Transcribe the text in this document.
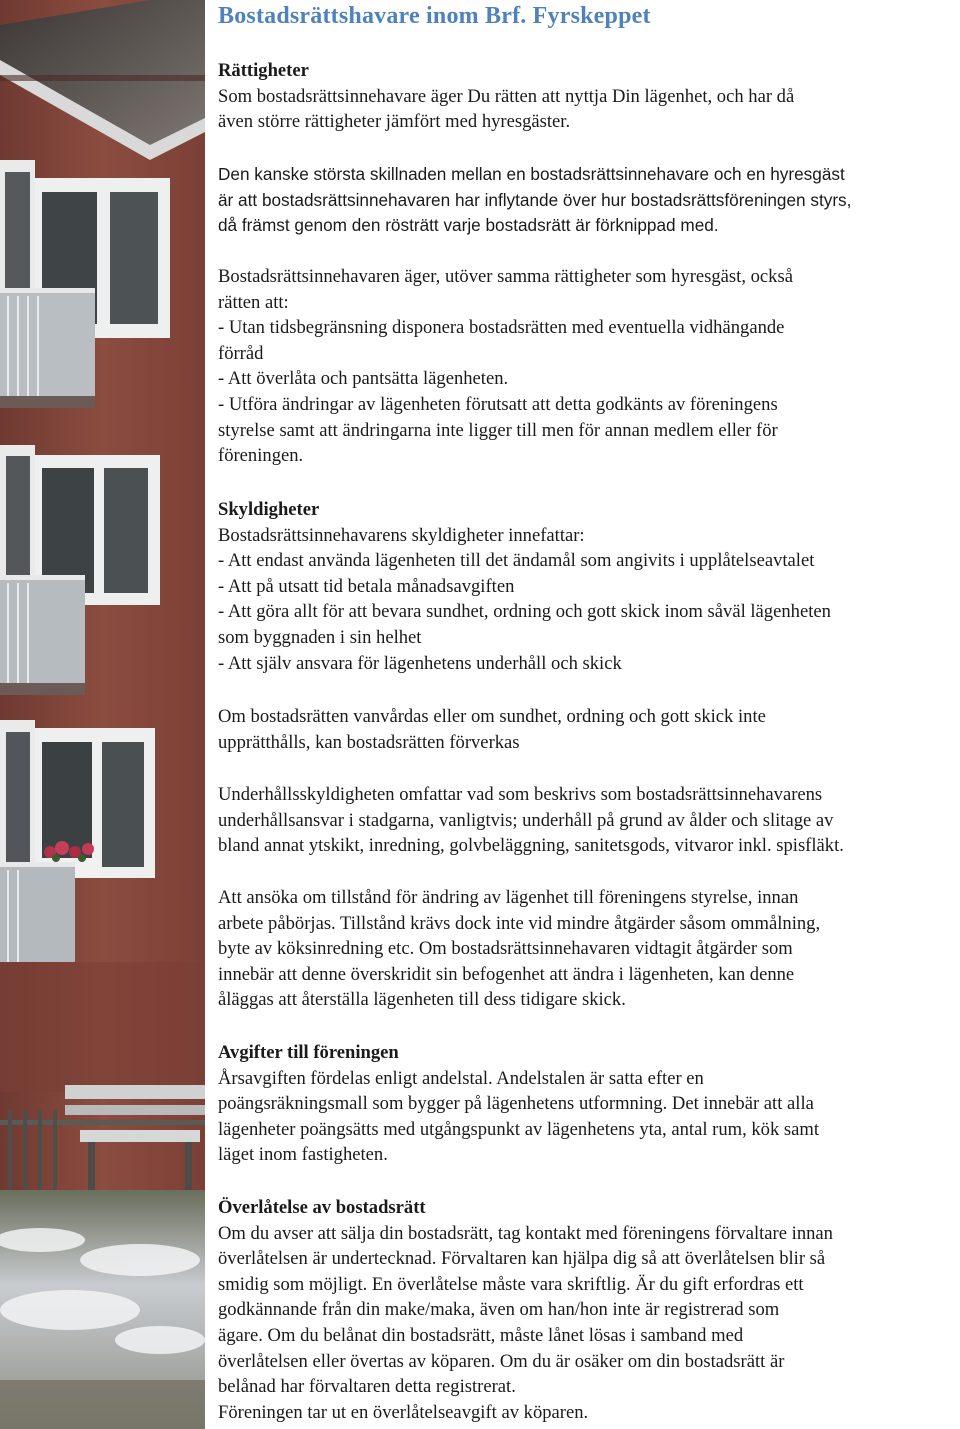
Bostadsrättshavare inom Brf. Fyrskeppet
Rättigheter
Som bostadsrättsinnehavare äger Du rätten att nyttja Din lägenhet, och har då
även större rättigheter jämfört med hyresgäster.
Den kanske största skillnaden mellan en bostadsrättsinnehavare och en hyresgäst
är att bostadsrättsinnehavaren har inflytande över hur bostadsrättsföreningen styrs,
då främst genom den rösträtt varje bostadsrätt är förknippad med.
Bostadsrättsinnehavaren äger, utöver samma rättigheter som hyresgäst, också
rätten att:
- Utan tidsbegränsning disponera bostadsrätten med eventuella vidhängande
förråd
- Att överlåta och pantsätta lägenheten.
- Utföra ändringar av lägenheten förutsatt att detta godkänts av föreningens
styrelse samt att ändringarna inte ligger till men för annan medlem eller för
föreningen.
Skyldigheter
Bostadsrättsinnehavarens skyldigheter innefattar:
- Att endast använda lägenheten till det ändamål som angivits i upplåtelseavtalet
- Att på utsatt tid betala månadsavgiften
- Att göra allt för att bevara sundhet, ordning och gott skick inom såväl lägenheten
som byggnaden i sin helhet
- Att själv ansvara för lägenhetens underhåll och skick
Om bostadsrätten vanvårdas eller om sundhet, ordning och gott skick inte
upprätthålls, kan bostadsrätten förverkas
Underhållsskyldigheten omfattar vad som beskrivs som bostadsrättsinnehavarens
underhållsansvar i stadgarna, vanligtvis; underhåll på grund av ålder och slitage av
bland annat ytskikt, inredning, golvbeläggning, sanitetsgods, vitvaror inkl. spisfläkt.
Att ansöka om tillstånd för ändring av lägenhet till föreningens styrelse, innan
arbete påbörjas. Tillstånd krävs dock inte vid mindre åtgärder såsom ommålning,
byte av köksinredning etc. Om bostadsrättsinnehavaren vidtagit åtgärder som
innebär att denne överskridit sin befogenhet att ändra i lägenheten, kan denne
åläggas att återställa lägenheten till dess tidigare skick.
Avgifter till föreningen
Årsavgiften fördelas enligt andelstal. Andelstalen är satta efter en
poängsräkningsmall som bygger på lägenhetens utformning. Det innebär att alla
lägenheter poängsätts med utgångspunkt av lägenhetens yta, antal rum, kök samt
läget inom fastigheten.
Överlåtelse av bostadsrätt
Om du avser att sälja din bostadsrätt, tag kontakt med föreningens förvaltare innan
överlåtelsen är undertecknad. Förvaltaren kan hjälpa dig så att överlåtelsen blir så
smidig som möjligt. En överlåtelse måste vara skriftlig. Är du gift erfordras ett
godkännande från din make/maka, även om han/hon inte är registrerad som
ägare. Om du belånat din bostadsrätt, måste lånet lösas i samband med
överlåtelsen eller övertas av köparen. Om du är osäker om din bostadsrätt är
belånad har förvaltaren detta registrerat.
Föreningen tar ut en överlåtelseavgift av köparen.
